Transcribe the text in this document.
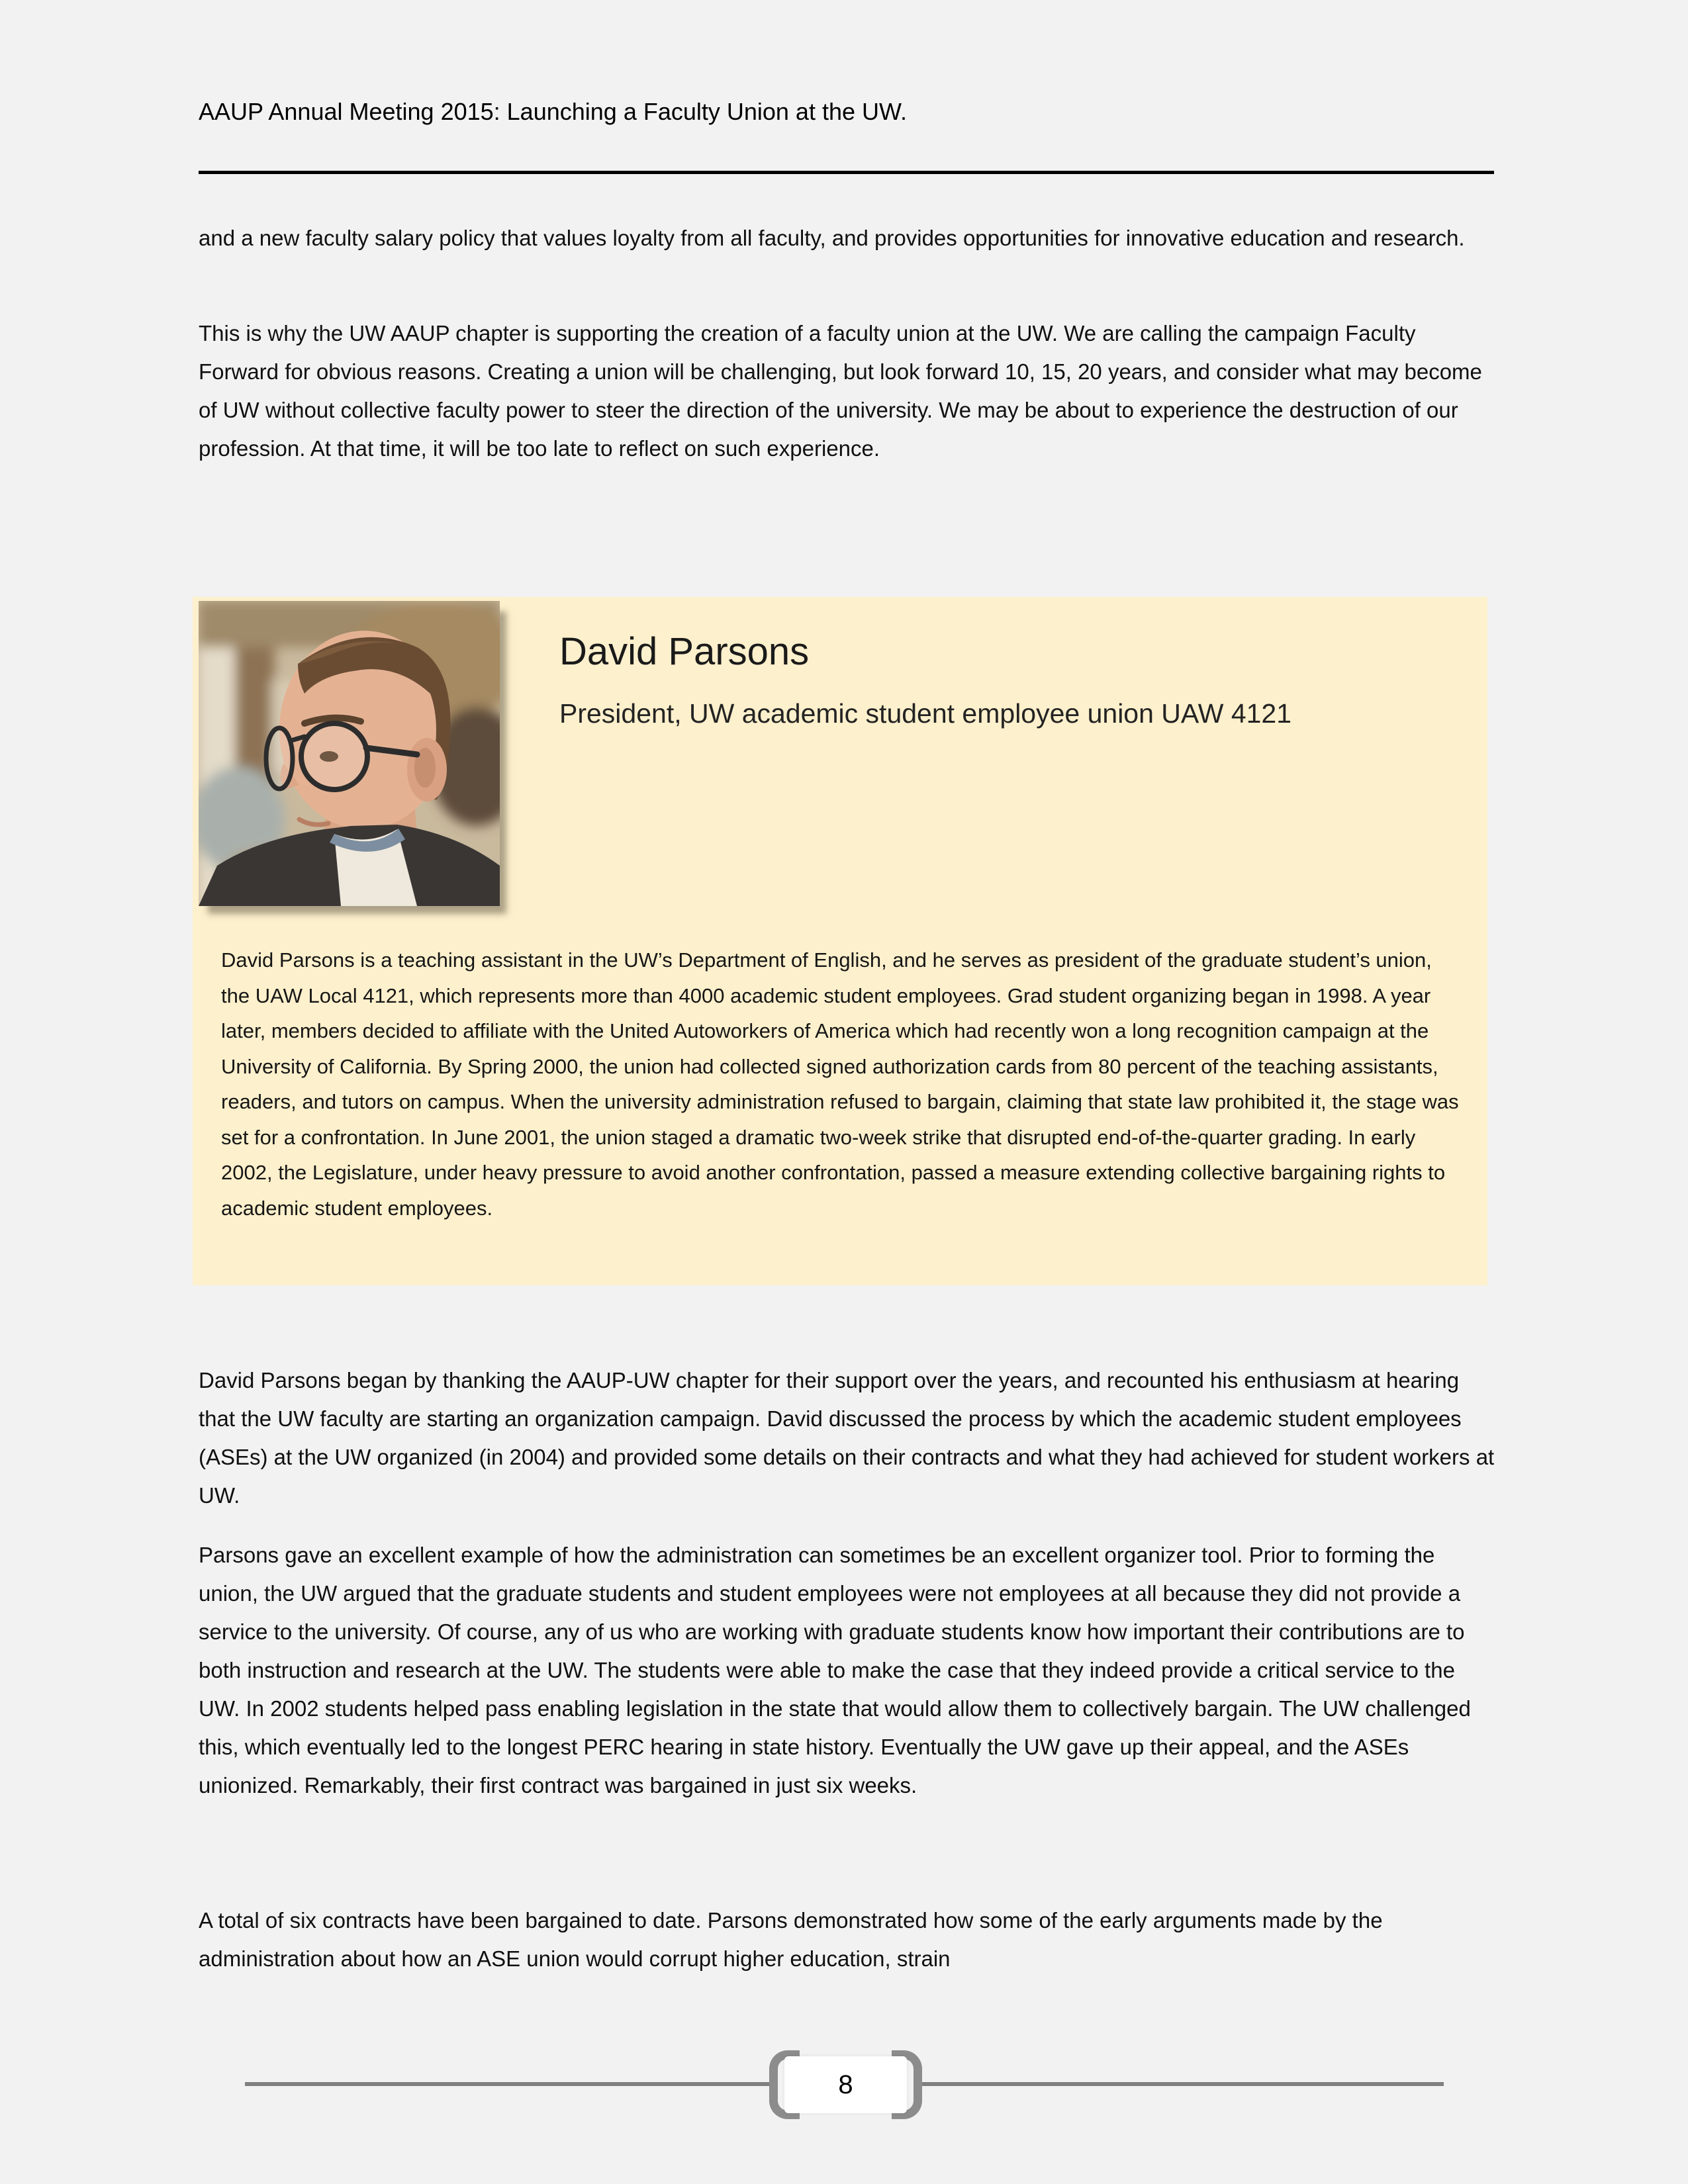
AAUP Annual Meeting 2015: Launching a Faculty Union at the UW.

and a new faculty salary policy that values loyalty from all faculty, and provides opportunities for innovative education and research.

This is why the UW AAUP chapter is supporting the creation of a faculty union at the UW. We are calling the campaign Faculty Forward for obvious reasons. Creating a union will be challenging, but look forward 10, 15, 20 years, and consider what may become of UW without collective faculty power to steer the direction of the university. We may be about to experience the destruction of our profession. At that time, it will be too late to reflect on such experience.

David Parsons
President, UW academic student employee union UAW 4121
David Parsons is a teaching assistant in the UW’s Department of English, and he serves as president of the graduate student’s union, the UAW Local 4121, which represents more than 4000 academic student employees. Grad student organizing began in 1998. A year later, members decided to affiliate with the United Autoworkers of America which had recently won a long recognition campaign at the University of California. By Spring 2000, the union had collected signed authorization cards from 80 percent of the teaching assistants, readers, and tutors on campus. When the university administration refused to bargain, claiming that state law prohibited it, the stage was set for a confrontation. In June 2001, the union staged a dramatic two-week strike that disrupted end-of-the-quarter grading. In early 2002, the Legislature, under heavy pressure to avoid another confrontation, passed a measure extending collective bargaining rights to academic student employees.

David Parsons began by thanking the AAUP-UW chapter for their support over the years, and recounted his enthusiasm at hearing that the UW faculty are starting an organization campaign. David discussed the process by which the academic student employees (ASEs) at the UW organized (in 2004) and provided some details on their contracts and what they had achieved for student workers at UW.

Parsons gave an excellent example of how the administration can sometimes be an excellent organizer tool. Prior to forming the union, the UW argued that the graduate students and student employees were not employees at all because they did not provide a service to the university. Of course, any of us who are working with graduate students know how important their contributions are to both instruction and research at the UW. The students were able to make the case that they indeed provide a critical service to the UW. In 2002 students helped pass enabling legislation in the state that would allow them to collectively bargain. The UW challenged this, which eventually led to the longest PERC hearing in state history. Eventually the UW gave up their appeal, and the ASEs unionized. Remarkably, their first contract was bargained in just six weeks.

A total of six contracts have been bargained to date. Parsons demonstrated how some of the early arguments made by the administration about how an ASE union would corrupt higher education, strain

8
